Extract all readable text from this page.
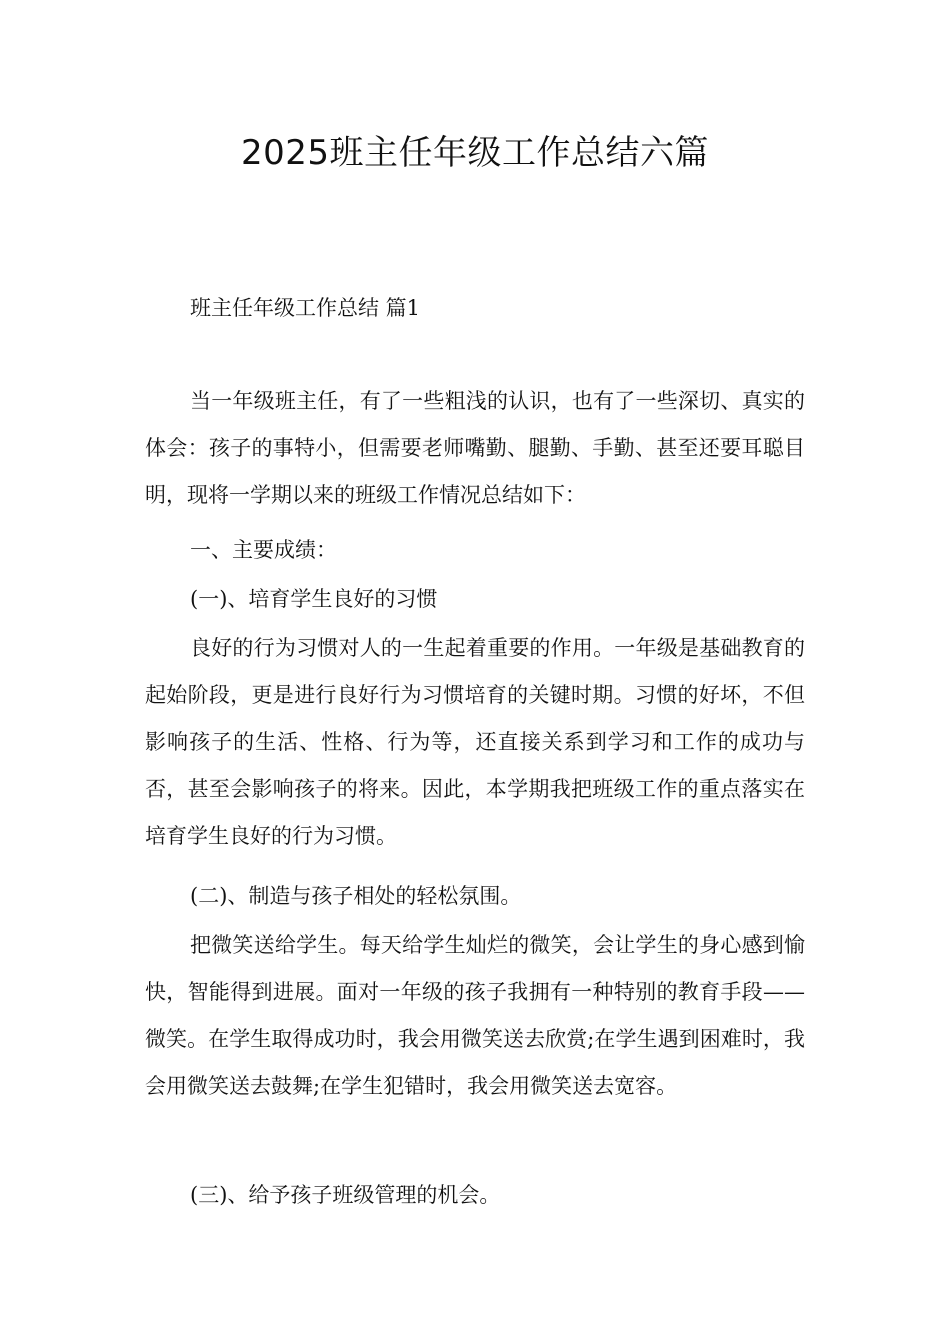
2025班主任年级工作总结六篇

班主任年级工作总结 篇1

当一年级班主任，有了一些粗浅的认识，也有了一些深切、真实的体会：孩子的事特小，但需要老师嘴勤、腿勤、手勤、甚至还要耳聪目明，现将一学期以来的班级工作情况总结如下：

一、主要成绩：

(一)、培育学生良好的习惯

良好的行为习惯对人的一生起着重要的作用。一年级是基础教育的起始阶段，更是进行良好行为习惯培育的关键时期。习惯的好坏，不但影响孩子的生活、性格、行为等，还直接关系到学习和工作的成功与否，甚至会影响孩子的将来。因此，本学期我把班级工作的重点落实在培育学生良好的行为习惯。

(二)、制造与孩子相处的轻松氛围。

把微笑送给学生。每天给学生灿烂的微笑，会让学生的身心感到愉快，智能得到进展。面对一年级的孩子我拥有一种特别的教育手段——微笑。在学生取得成功时，我会用微笑送去欣赏;在学生遇到困难时，我会用微笑送去鼓舞;在学生犯错时，我会用微笑送去宽容。

(三)、给予孩子班级管理的机会。
